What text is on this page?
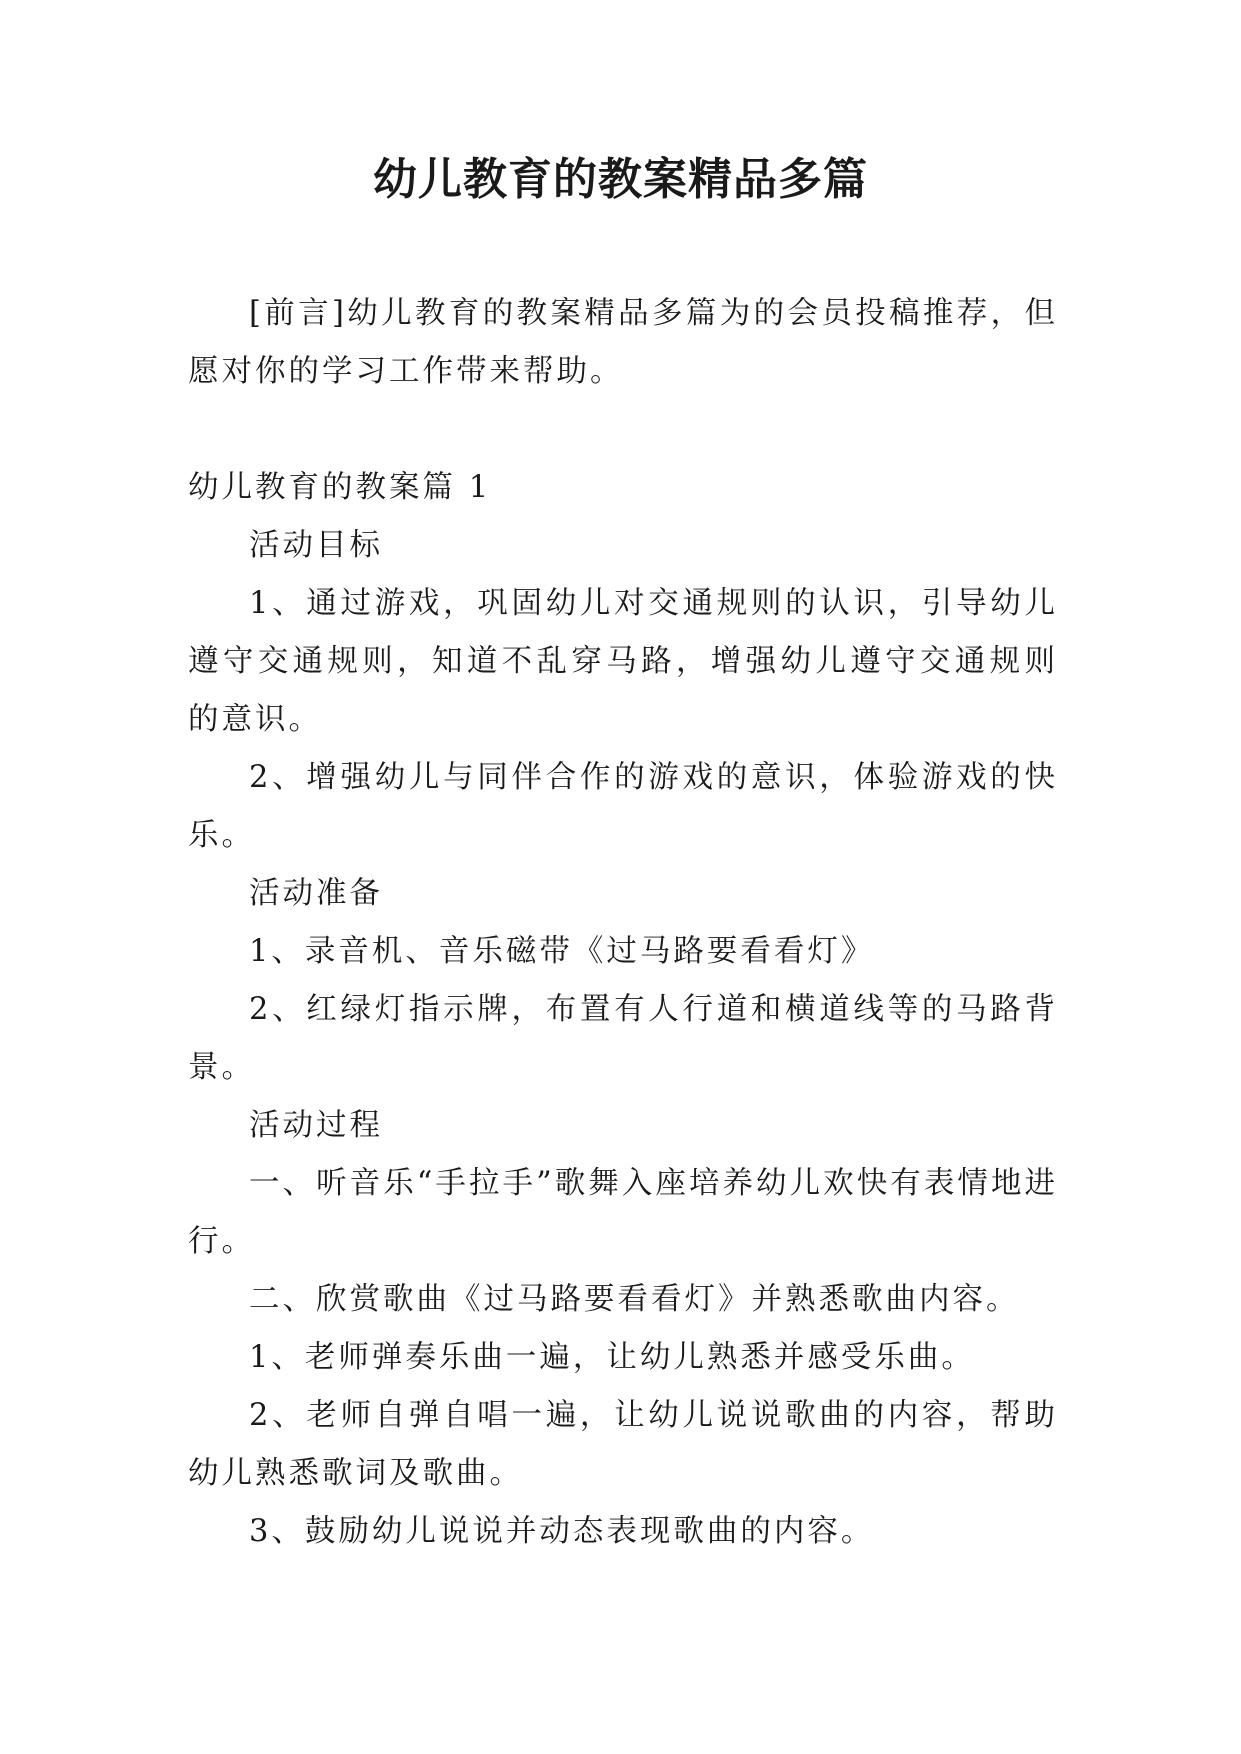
幼儿教育的教案精品多篇

[前言]幼儿教育的教案精品多篇为的会员投稿推荐，但愿对你的学习工作带来帮助。

幼儿教育的教案篇 1

活动目标

1、通过游戏，巩固幼儿对交通规则的认识，引导幼儿遵守交通规则，知道不乱穿马路，增强幼儿遵守交通规则的意识。

2、增强幼儿与同伴合作的游戏的意识，体验游戏的快乐。

活动准备

1、录音机、音乐磁带《过马路要看看灯》

2、红绿灯指示牌，布置有人行道和横道线等的马路背景。

活动过程

一、听音乐“手拉手”歌舞入座培养幼儿欢快有表情地进行。

二、欣赏歌曲《过马路要看看灯》并熟悉歌曲内容。

1、老师弹奏乐曲一遍，让幼儿熟悉并感受乐曲。

2、老师自弹自唱一遍，让幼儿说说歌曲的内容，帮助幼儿熟悉歌词及歌曲。

3、鼓励幼儿说说并动态表现歌曲的内容。
